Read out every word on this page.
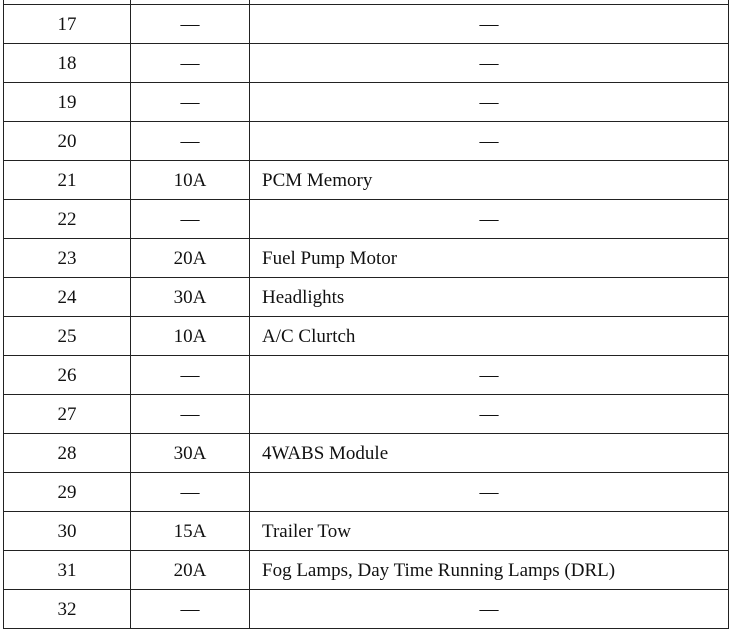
17	—	—
18	—	—
19	—	—
20	—	—
21	10A	PCM Memory
22	—	—
23	20A	Fuel Pump Motor
24	30A	Headlights
25	10A	A/C Clurtch
26	—	—
27	—	—
28	30A	4WABS Module
29	—	—
30	15A	Trailer Tow
31	20A	Fog Lamps, Day Time Running Lamps (DRL)
32	—	—
